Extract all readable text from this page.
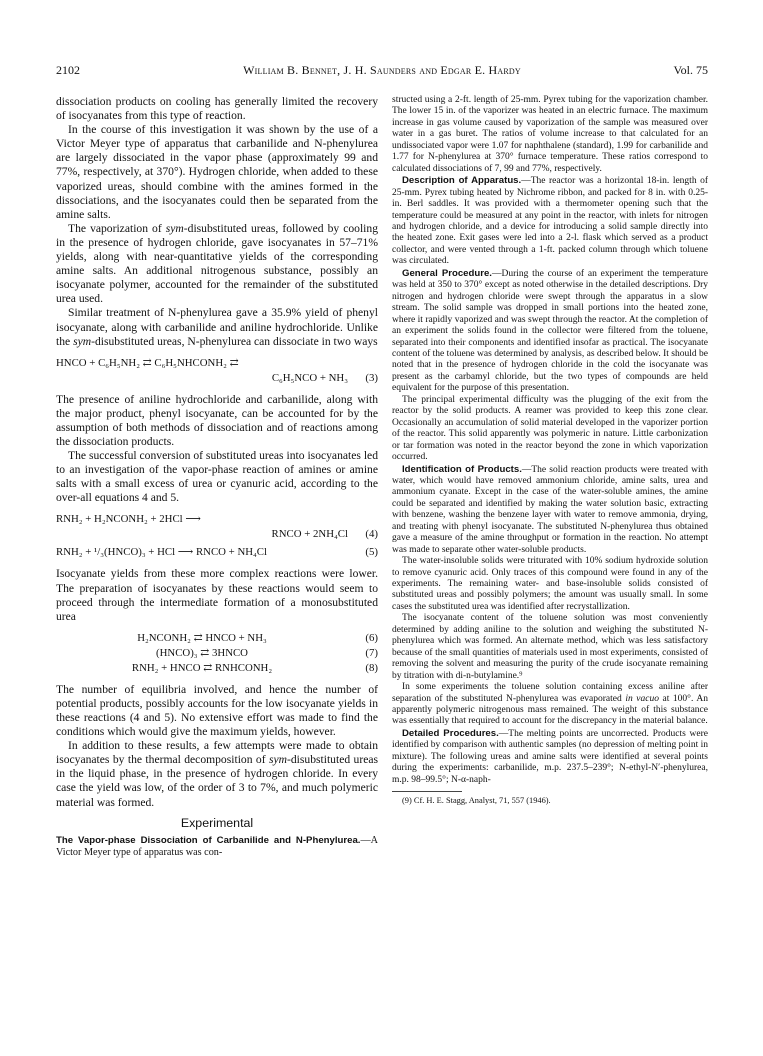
2102	William B. Bennet, J. H. Saunders and Edgar E. Hardy	Vol. 75

dissociation products on cooling has generally limited the recovery of isocyanates from this type of reaction.

In the course of this investigation it was shown by the use of a Victor Meyer type of apparatus that carbanilide and N-phenylurea are largely dissociated in the vapor phase (approximately 99 and 77%, respectively, at 370°). Hydrogen chloride, when added to these vaporized ureas, should combine with the amines formed in the dissociations, and the isocyanates could then be separated from the amine salts.

The vaporization of sym-disubstituted ureas, followed by cooling in the presence of hydrogen chloride, gave isocyanates in 57–71% yields, along with near-quantitative yields of the corresponding amine salts. An additional nitrogenous substance, possibly an isocyanate polymer, accounted for the remainder of the substituted urea used.

Similar treatment of N-phenylurea gave a 35.9% yield of phenyl isocyanate, along with carbanilide and aniline hydrochloride. Unlike the sym-disubstituted ureas, N-phenylurea can dissociate in two ways

HNCO + C₆H₅NH₂ ⇄ C₆H₅NHCONH₂ ⇄
C₆H₅NCO + NH₃ (3)

The presence of aniline hydrochloride and carbanilide, along with the major product, phenyl isocyanate, can be accounted for by the assumption of both methods of dissociation and of reactions among the dissociation products.

The successful conversion of substituted ureas into isocyanates led to an investigation of the vapor-phase reaction of amines or amine salts with a small excess of urea or cyanuric acid, according to the over-all equations 4 and 5.

RNH₂ + H₂NCONH₂ + 2HCl ⟶
RNCO + 2NH₄Cl (4)
RNH₂ + ¹/₃(HNCO)₃ + HCl ⟶ RNCO + NH₄Cl	(5)

Isocyanate yields from these more complex reactions were lower. The preparation of isocyanates by these reactions would seem to proceed through the intermediate formation of a monosubstituted urea

H₂NCONH₂ ⇄ HNCO + NH₃	(6)
(HNCO)₃ ⇄ 3HNCO	(7)
RNH₂ + HNCO ⇄ RNHCONH₂	(8)

The number of equilibria involved, and hence the number of potential products, possibly accounts for the low isocyanate yields in these reactions (4 and 5). No extensive effort was made to find the conditions which would give the maximum yields, however.

In addition to these results, a few attempts were made to obtain isocyanates by the thermal decomposition of sym-disubstituted ureas in the liquid phase, in the presence of hydrogen chloride. In every case the yield was low, of the order of 3 to 7%, and much polymeric material was formed.

Experimental

The Vapor-phase Dissociation of Carbanilide and N-Phenylurea.—A Victor Meyer type of apparatus was con-

structed using a 2-ft. length of 25-mm. Pyrex tubing for the vaporization chamber. The lower 15 in. of the vaporizer was heated in an electric furnace. The maximum increase in gas volume caused by vaporization of the sample was measured over water in a gas buret. The ratios of volume increase to that calculated for an undissociated vapor were 1.07 for naphthalene (standard), 1.99 for carbanilide and 1.77 for N-phenylurea at 370° furnace temperature. These ratios correspond to calculated dissociations of 7, 99 and 77%, respectively.

Description of Apparatus.—The reactor was a horizontal 18-in. length of 25-mm. Pyrex tubing heated by Nichrome ribbon, and packed for 8 in. with 0.25-in. Berl saddles. It was provided with a thermometer opening such that the temperature could be measured at any point in the reactor, with inlets for nitrogen and hydrogen chloride, and a device for introducing a solid sample directly into the heated zone. Exit gases were led into a 2-l. flask which served as a product collector, and were vented through a 1-ft. packed column through which toluene was circulated.

General Procedure.—During the course of an experiment the temperature was held at 350 to 370° except as noted otherwise in the detailed descriptions. Dry nitrogen and hydrogen chloride were swept through the apparatus in a slow stream. The solid sample was dropped in small portions into the heated zone, where it rapidly vaporized and was swept through the reactor. At the completion of an experiment the solids found in the collector were filtered from the toluene, separated into their components and identified insofar as practical. The isocyanate content of the toluene was determined by analysis, as described below. It should be noted that in the presence of hydrogen chloride in the cold the isocyanate was present as the carbamyl chloride, but the two types of compounds are held equivalent for the purpose of this presentation.

The principal experimental difficulty was the plugging of the exit from the reactor by the solid products. A reamer was provided to keep this zone clear. Occasionally an accumulation of solid material developed in the vaporizer portion of the reactor. This solid apparently was polymeric in nature. Little carbonization or tar formation was noted in the reactor beyond the zone in which vaporization occurred.

Identification of Products.—The solid reaction products were treated with water, which would have removed ammonium chloride, amine salts, urea and ammonium cyanate. Except in the case of the water-soluble amines, the amine could be separated and identified by making the water solution basic, extracting with benzene, washing the benzene layer with water to remove ammonia, drying, and treating with phenyl isocyanate. The substituted N-phenylurea thus obtained gave a measure of the amine throughput or formation in the reaction. No attempt was made to separate other water-soluble products.

The water-insoluble solids were triturated with 10% sodium hydroxide solution to remove cyanuric acid. Only traces of this compound were found in any of the experiments. The remaining water- and base-insoluble solids consisted of substituted ureas and possibly polymers; the amount was usually small. In some cases the substituted urea was identified after recrystallization.

The isocyanate content of the toluene solution was most conveniently determined by adding aniline to the solution and weighing the substituted N-phenylurea which was formed. An alternate method, which was less satisfactory because of the small quantities of materials used in most experiments, consisted of removing the solvent and measuring the purity of the crude isocyanate remaining by titration with di-n-butylamine.⁹

In some experiments the toluene solution containing excess aniline after separation of the substituted N-phenylurea was evaporated in vacuo at 100°. An apparently polymeric nitrogenous mass remained. The weight of this substance was essentially that required to account for the discrepancy in the material balance.

Detailed Procedures.—The melting points are uncorrected. Products were identified by comparison with authentic samples (no depression of melting point in mixture). The following ureas and amine salts were identified at several points during the experiments: carbanilide, m.p. 237.5–239°; N-ethyl-N′-phenylurea, m.p. 98–99.5°; N-α-naph-

(9) Cf. H. E. Stagg, Analyst, 71, 557 (1946).
